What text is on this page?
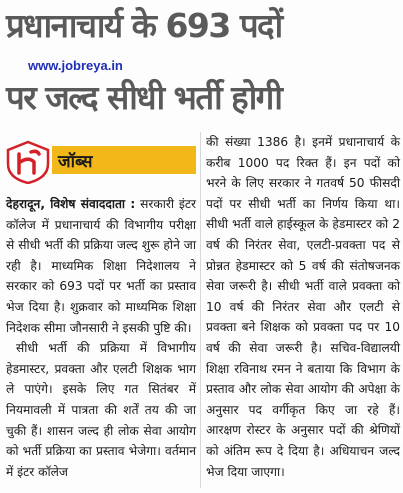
प्रधानाचार्य के 693 पदों
www.jobreya.in
पर जल्द सीधी भर्ती होगी
जॉब्स

देहरादून, विशेष संवाददाता : सरकारी इंटर कॉलेज में प्रधानाचार्य की विभागीय परीक्षा से सीधी भर्ती की प्रक्रिया जल्द शुरू होने जा रही है। माध्यमिक शिक्षा निदेशालय ने सरकार को 693 पदों पर भर्ती का प्रस्ताव भेज दिया है। शुक्रवार को माध्यमिक शिक्षा निदेशक सीमा जौनसारी ने इसकी पुष्टि की।

सीधी भर्ती की प्रक्रिया में विभागीय हेडमास्टर, प्रवक्ता और एलटी शिक्षक भाग ले पाएंगे। इसके लिए गत सितंबर में नियमावली में पात्रता की शर्तें तय की जा चुकी हैं। शासन जल्द ही लोक सेवा आयोग को भर्ती प्रक्रिया का प्रस्ताव भेजेगा। वर्तमान में इंटर कॉलेज

की संख्या 1386 है। इनमें प्रधानाचार्य के करीब 1000 पद रिक्त हैं। इन पदों को भरने के लिए सरकार ने गतवर्ष 50 फीसदी पदों पर सीधी भर्ती का निर्णय किया था। सीधी भर्ती वाले हाईस्कूल के हेडमास्टर को 2 वर्ष की निरंतर सेवा, एलटी-प्रवक्ता पद से प्रोन्नत हेडमास्टर को 5 वर्ष की संतोषजनक सेवा जरूरी है। सीधी भर्ती वाले प्रवक्ता को 10 वर्ष की निरंतर सेवा और एलटी से प्रवक्ता बने शिक्षक को प्रवक्ता पद पर 10 वर्ष की सेवा जरूरी है। सचिव-विद्यालयी शिक्षा रविनाथ रमन ने बताया कि विभाग के प्रस्ताव और लोक सेवा आयोग की अपेक्षा के अनुसार पद वर्गीकृत किए जा रहे हैं। आरक्षण रोस्टर के अनुसार पदों की श्रेणियों को अंतिम रूप दे दिया है। अधियाचन जल्द भेज दिया जाएगा।
